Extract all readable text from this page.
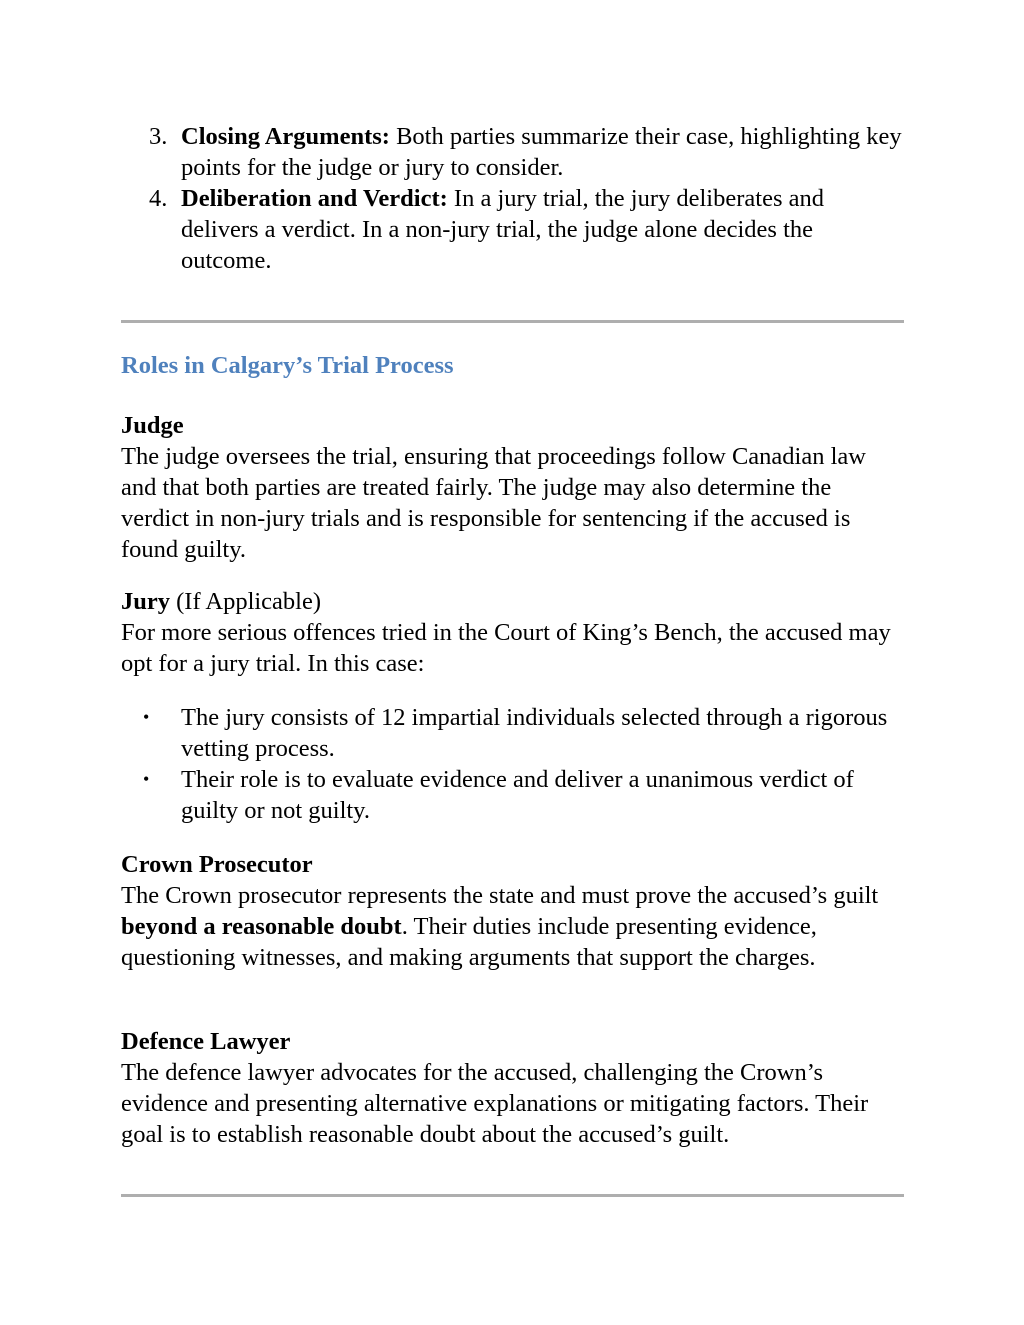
3. Closing Arguments: Both parties summarize their case, highlighting key points for the judge or jury to consider.
4. Deliberation and Verdict: In a jury trial, the jury deliberates and delivers a verdict. In a non-jury trial, the judge alone decides the outcome.
Roles in Calgary’s Trial Process
Judge
The judge oversees the trial, ensuring that proceedings follow Canadian law and that both parties are treated fairly. The judge may also determine the verdict in non-jury trials and is responsible for sentencing if the accused is found guilty.
Jury (If Applicable)
For more serious offences tried in the Court of King’s Bench, the accused may opt for a jury trial. In this case:
• The jury consists of 12 impartial individuals selected through a rigorous vetting process.
• Their role is to evaluate evidence and deliver a unanimous verdict of guilty or not guilty.
Crown Prosecutor
The Crown prosecutor represents the state and must prove the accused’s guilt beyond a reasonable doubt. Their duties include presenting evidence, questioning witnesses, and making arguments that support the charges.
Defence Lawyer
The defence lawyer advocates for the accused, challenging the Crown’s evidence and presenting alternative explanations or mitigating factors. Their goal is to establish reasonable doubt about the accused’s guilt.
